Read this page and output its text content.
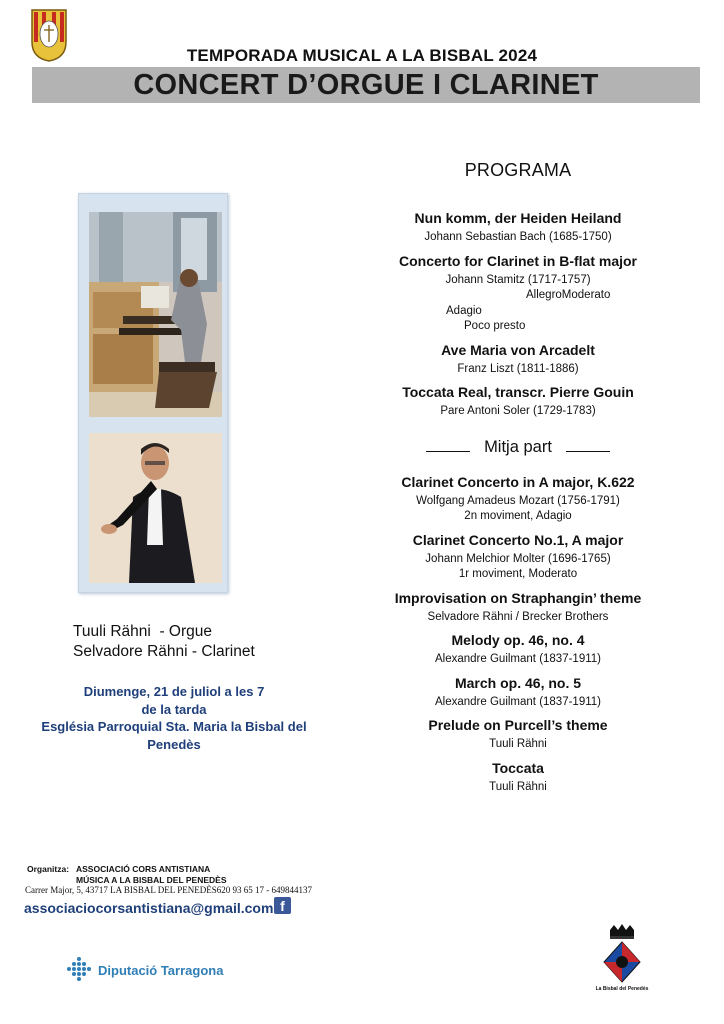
TEMPORADA MUSICAL A LA BISBAL 2024
CONCERT D’ORGUE I CLARINET
Tuuli Rähni  - Orgue
Selvadore Rähni - Clarinet
Diumenge, 21 de juliol a les 7
de la tarda
Església Parroquial Sta. Maria la Bisbal del
Penedès
PROGRAMA
Nun komm, der Heiden Heiland
Johann Sebastian Bach (1685-1750)
Concerto for Clarinet in B-flat major
Johann Stamitz (1717-1757)
AllegroModerato
Adagio
Poco presto
Ave Maria von Arcadelt
Franz Liszt (1811-1886)
Toccata Real, transcr. Pierre Gouin
Pare Antoni Soler (1729-1783)
Mitja part
Clarinet Concerto in A major, K.622
Wolfgang Amadeus Mozart (1756-1791)
2n moviment, Adagio
Clarinet Concerto No.1, A major
Johann Melchior Molter (1696-1765)
1r moviment, Moderato
Improvisation on Straphangin’ theme
Selvadore Rähni / Brecker Brothers
Melody op. 46, no. 4
Alexandre Guilmant (1837-1911)
March op. 46, no. 5
Alexandre Guilmant (1837-1911)
Prelude on Purcell’s theme
Tuuli Rähni
Toccata
Tuuli Rähni
Organitza: ASSOCIACIÓ CORS ANTISTIANA
MÚSICA A LA BISBAL DEL PENEDÈS
Carrer Major, 5, 43717 LA BISBAL DEL PENEDÈS620 93 65 17 - 649844137
associaciocorsantistiana@gmail.com f
Diputació Tarragona
La Bisbal del Penedès
